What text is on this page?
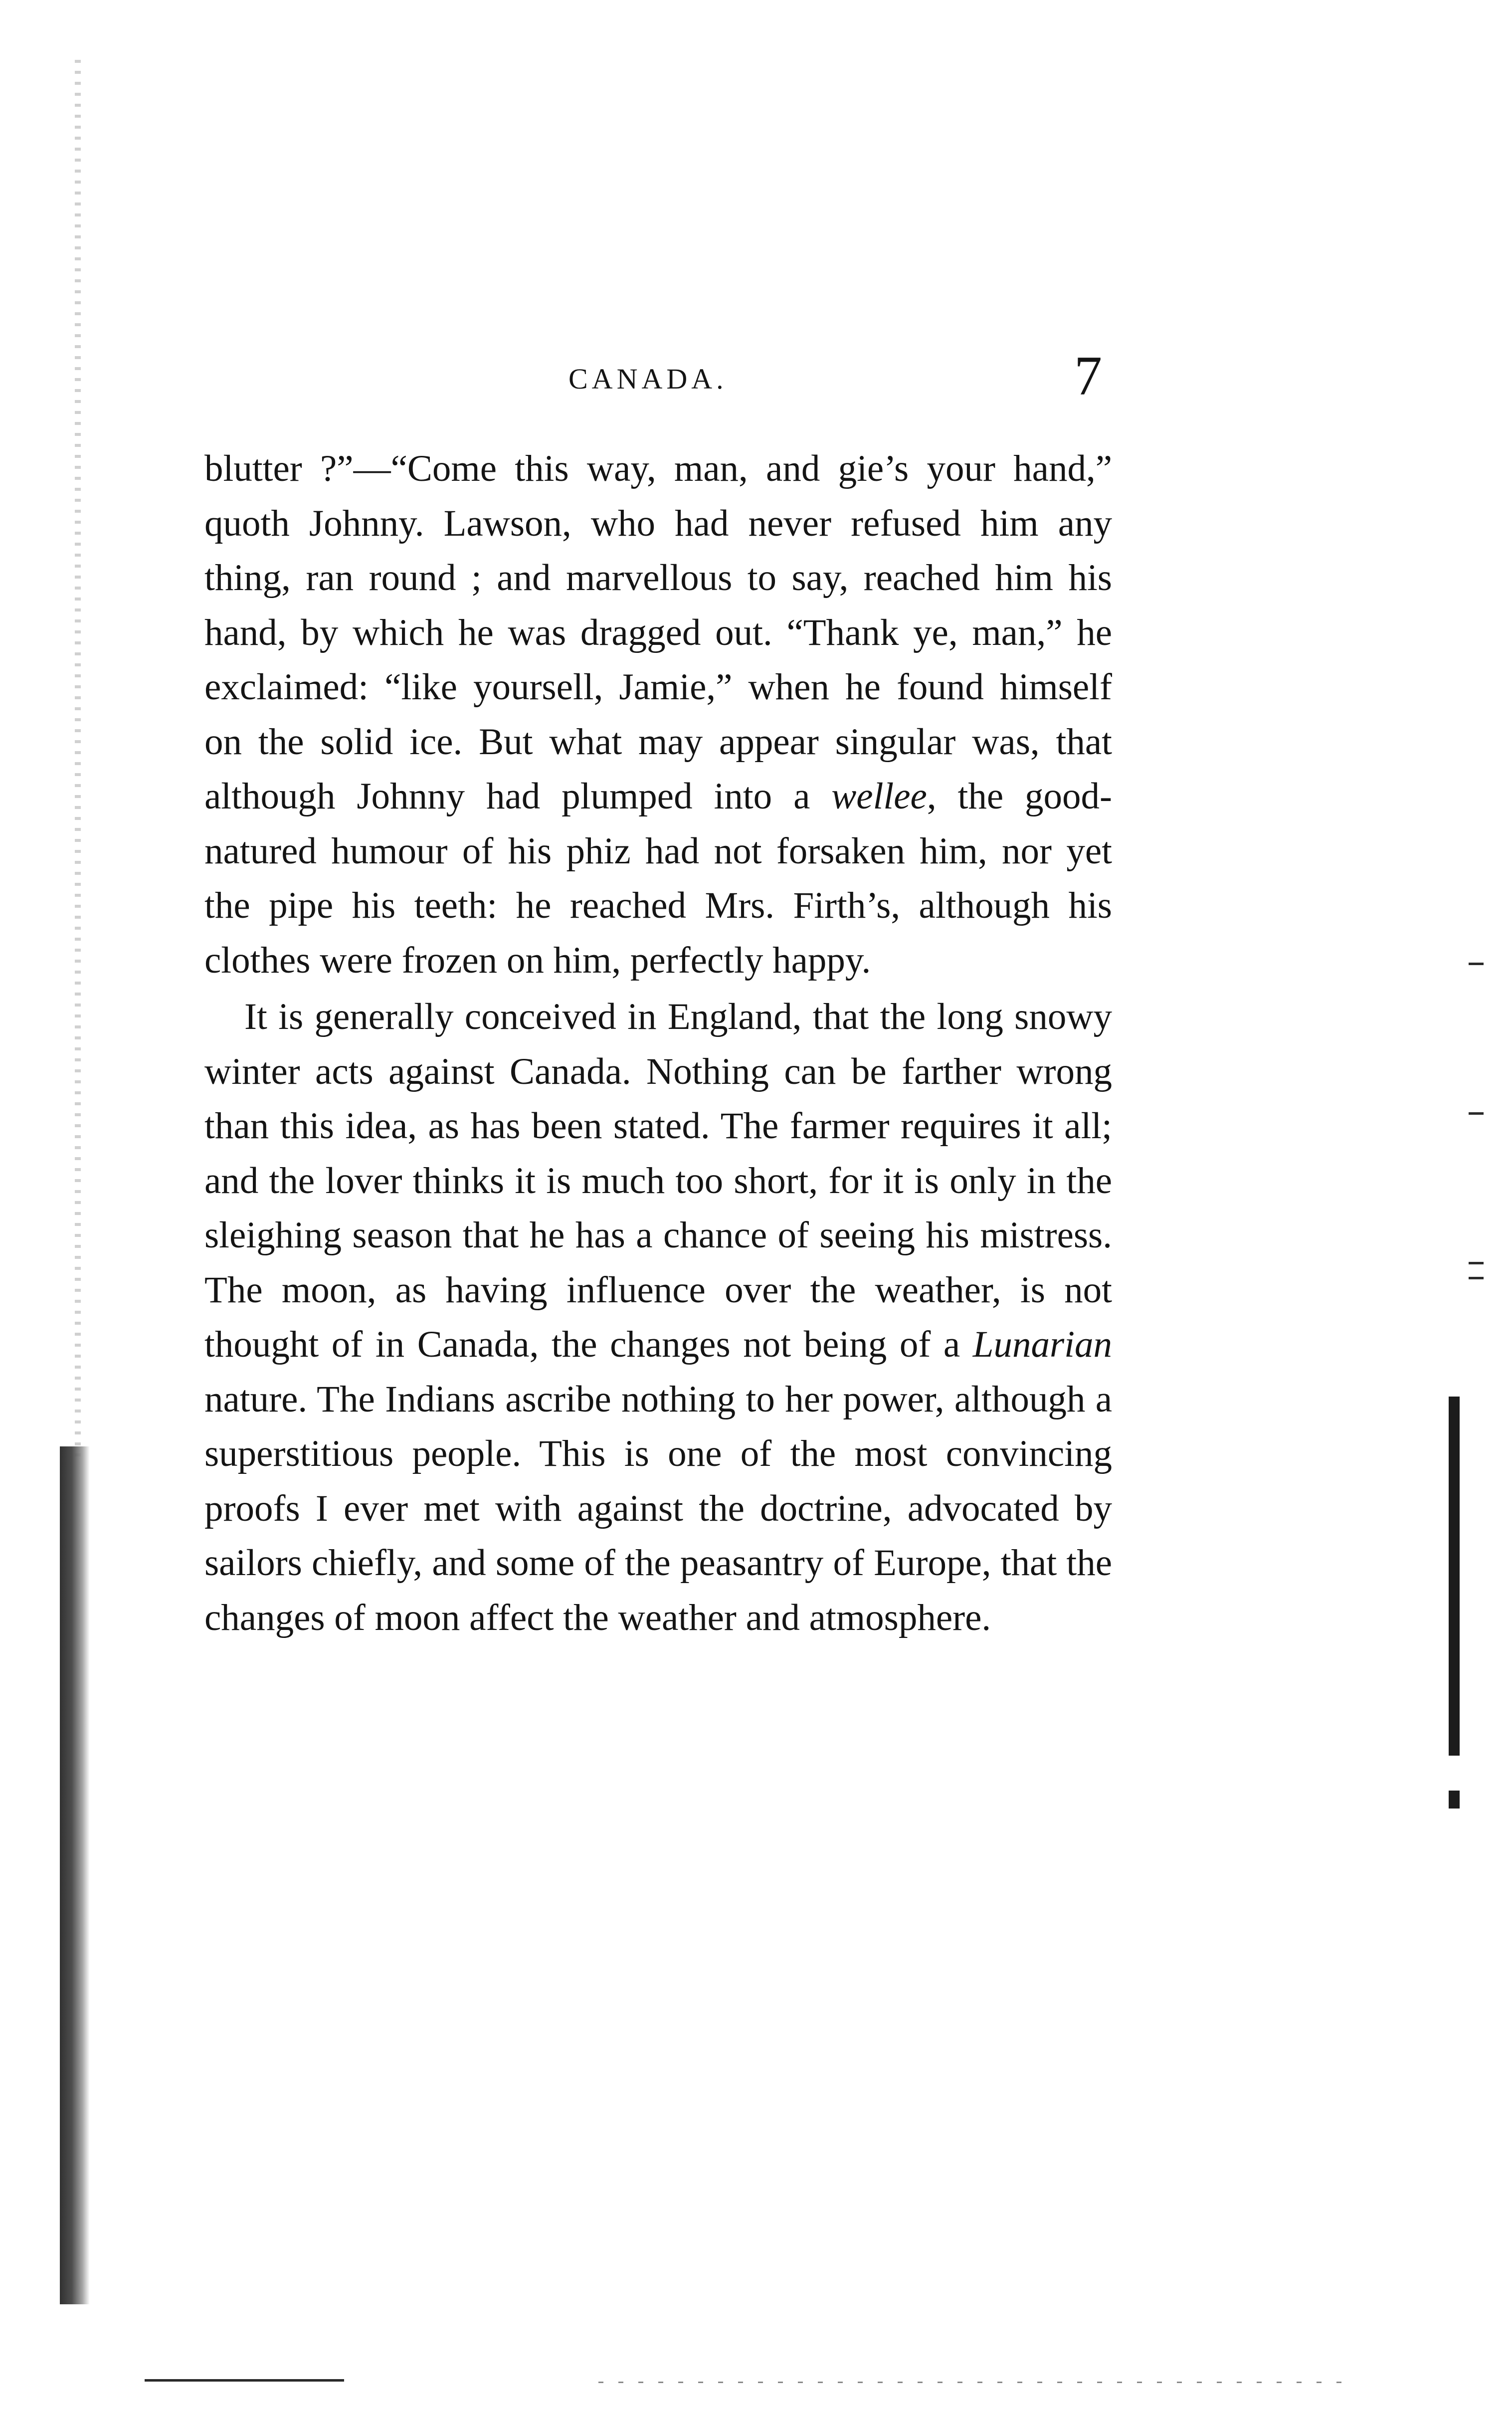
CANADA.	7

blutter ?”—“Come this way, man, and gie’s your hand,” quoth Johnny. Lawson, who had never refused him any thing, ran round ; and marvellous to say, reached him his hand, by which he was dragged out. “Thank ye, man,” he exclaimed: “like yoursell, Jamie,” when he found himself on the solid ice. But what may appear singular was, that although Johnny had plumped into a wellee, the good-natured humour of his phiz had not forsaken him, nor yet the pipe his teeth: he reached Mrs. Firth’s, although his clothes were frozen on him, perfectly happy.

It is generally conceived in England, that the long snowy winter acts against Canada. Nothing can be farther wrong than this idea, as has been stated. The farmer requires it all; and the lover thinks it is much too short, for it is only in the sleighing season that he has a chance of seeing his mistress. The moon, as having influence over the weather, is not thought of in Canada, the changes not being of a Lunarian nature. The Indians ascribe nothing to her power, although a superstitious people. This is one of the most convincing proofs I ever met with against the doctrine, advocated by sailors chiefly, and some of the peasantry of Europe, that the changes of moon affect the weather and atmosphere.
